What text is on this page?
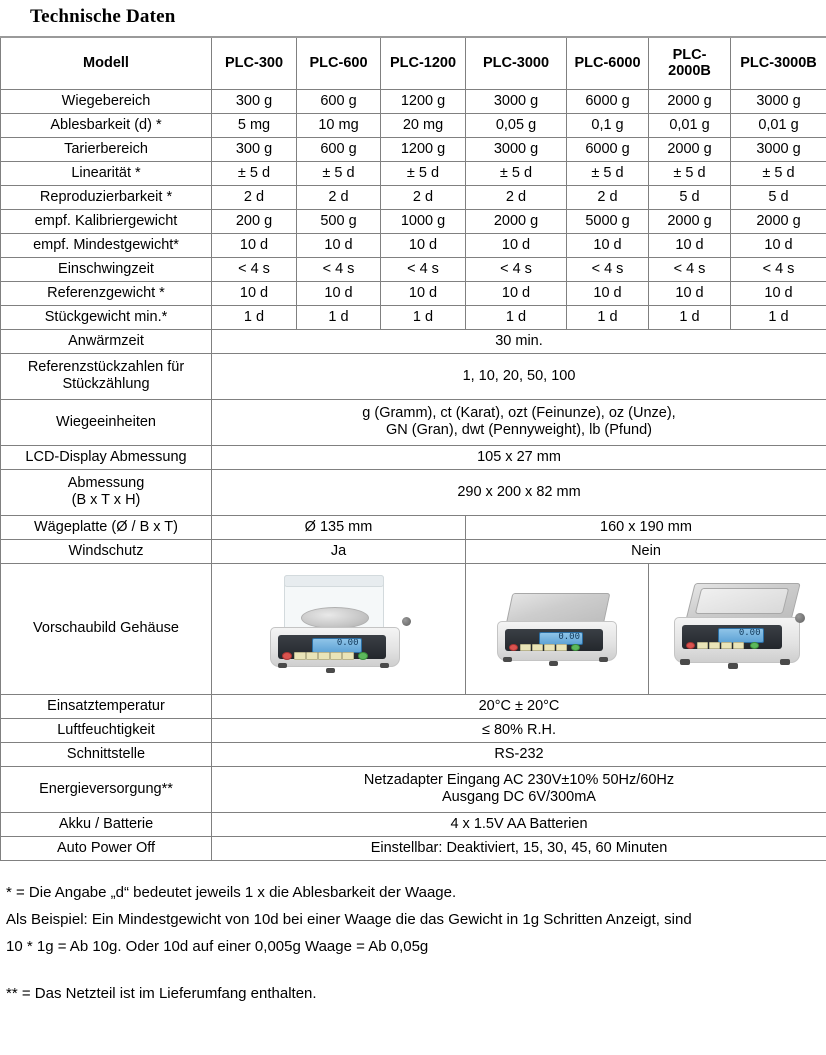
Technische Daten
Modell	PLC-300	PLC-600	PLC-1200	PLC-3000	PLC-6000	PLC-2000B	PLC-3000B
Wiegebereich	300 g	600 g	1200 g	3000 g	6000 g	2000 g	3000 g
Ablesbarkeit (d) *	5 mg	10 mg	20 mg	0,05 g	0,1 g	0,01 g	0,01 g
Tarierbereich	300 g	600 g	1200 g	3000 g	6000 g	2000 g	3000 g
Linearität *	± 5 d	± 5 d	± 5 d	± 5 d	± 5 d	± 5 d	± 5 d
Reproduzierbarkeit *	2 d	2 d	2 d	2 d	2 d	5 d	5 d
empf. Kalibriergewicht	200 g	500 g	1000 g	2000 g	5000 g	2000 g	2000 g
empf. Mindestgewicht*	10 d	10 d	10 d	10 d	10 d	10 d	10 d
Einschwingzeit	< 4 s	< 4 s	< 4 s	< 4 s	< 4 s	< 4 s	< 4 s
Referenzgewicht *	10 d	10 d	10 d	10 d	10 d	10 d	10 d
Stückgewicht min.*	1 d	1 d	1 d	1 d	1 d	1 d	1 d
Anwärmzeit	30 min.						
Referenzstückzahlen für
Stückzählung	1, 10, 20, 50, 100						
Wiegeeinheiten	g (Gramm), ct (Karat), ozt (Feinunze), oz (Unze),
GN (Gran), dwt (Pennyweight), lb (Pfund)						
LCD-Display Abmessung	105 x 27 mm						
Abmessung
(B x T x H)	290 x 200 x 82 mm						
Wägeplatte (Ø / B x T)	Ø 135 mm			160 x 190 mm			
Windschutz	Ja			Nein			
Vorschaubild Gehäuse	0.00			0.00		0.00	

Einsatztemperatur	20°C ± 20°C						
Luftfeuchtigkeit	≤ 80% R.H.						
Schnittstelle	RS-232						
Energieversorgung**	Netzadapter Eingang AC 230V±10% 50Hz/60Hz
Ausgang DC 6V/300mA						
Akku / Batterie	4 x 1.5V AA Batterien						
Auto Power Off	Einstellbar: Deaktiviert, 15, 30, 45, 60 Minuten						

* = Die Angabe „d“ bedeutet jeweils 1 x die Ablesbarkeit der Waage.

Als Beispiel: Ein Mindestgewicht von 10d bei einer Waage die das Gewicht in 1g Schritten Anzeigt, sind

10 * 1g = Ab 10g. Oder 10d auf einer 0,005g Waage = Ab 0,05g

** = Das Netzteil ist im Lieferumfang enthalten.
